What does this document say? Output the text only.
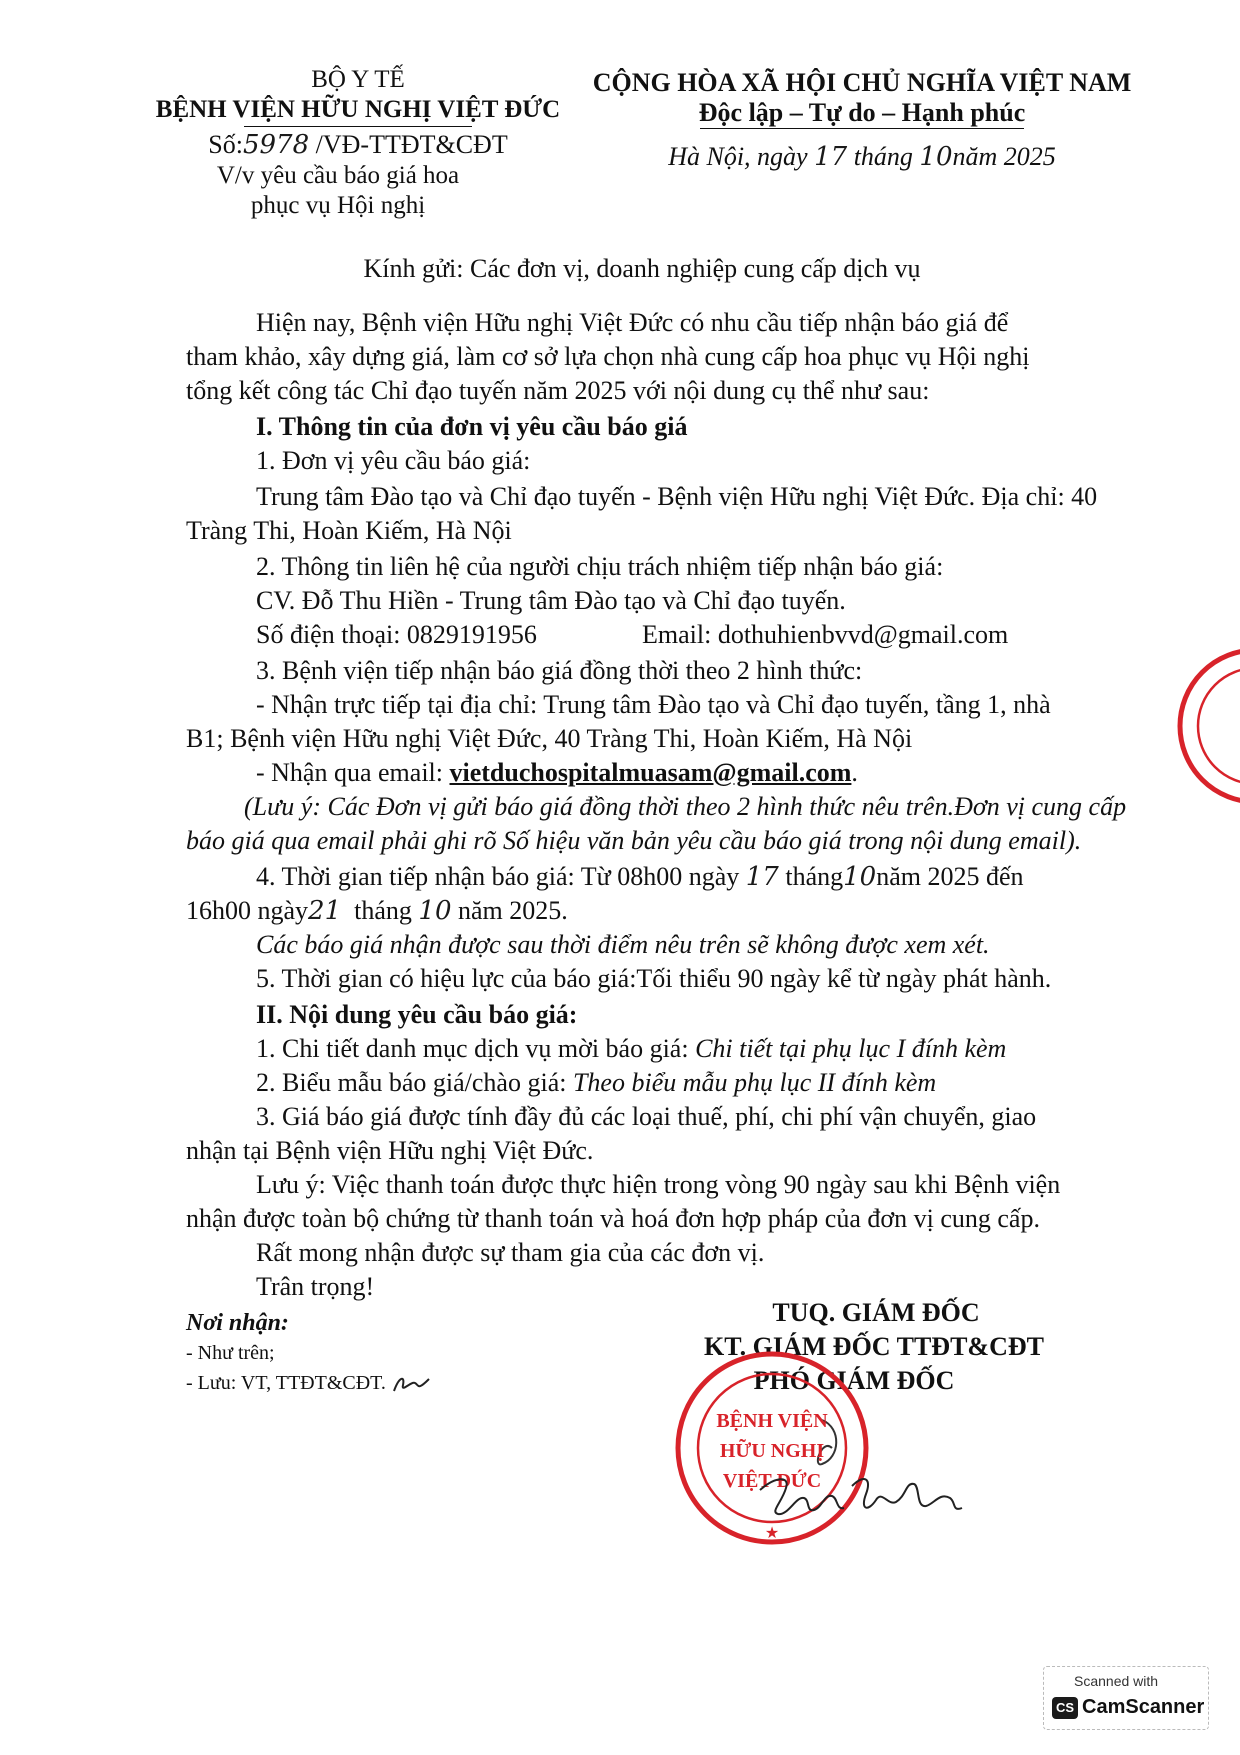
BỘ Y TẾ
BỆNH VIỆN HỮU NGHỊ VIỆT ĐỨC
Số:5978 /VĐ-TTĐT&CĐT
V/v yêu cầu báo giá hoa
phục vụ Hội nghị
CỘNG HÒA XÃ HỘI CHỦ NGHĨA VIỆT NAM
Độc lập – Tự do – Hạnh phúc
Hà Nội, ngày 17 tháng 10năm 2025
Kính gửi: Các đơn vị, doanh nghiệp cung cấp dịch vụ
Hiện nay, Bệnh viện Hữu nghị Việt Đức có nhu cầu tiếp nhận báo giá để
tham khảo, xây dựng giá, làm cơ sở lựa chọn nhà cung cấp hoa phục vụ Hội nghị
tổng kết công tác Chỉ đạo tuyến năm 2025 với nội dung cụ thể như sau:
I. Thông tin của đơn vị yêu cầu báo giá
1. Đơn vị yêu cầu báo giá:
Trung tâm Đào tạo và Chỉ đạo tuyến - Bệnh viện Hữu nghị Việt Đức. Địa chỉ: 40
Tràng Thi, Hoàn Kiếm, Hà Nội
2. Thông tin liên hệ của người chịu trách nhiệm tiếp nhận báo giá:
CV. Đỗ Thu Hiền - Trung tâm Đào tạo và Chỉ đạo tuyến.
Số điện thoại: 0829191956	Email: dothuhienbvvd@gmail.com
3. Bệnh viện tiếp nhận báo giá đồng thời theo 2 hình thức:
- Nhận trực tiếp tại địa chỉ: Trung tâm Đào tạo và Chỉ đạo tuyến, tầng 1, nhà
B1; Bệnh viện Hữu nghị Việt Đức, 40 Tràng Thi, Hoàn Kiếm, Hà Nội
- Nhận qua email: vietduchospitalmuasam@gmail.com.
(Lưu ý: Các Đơn vị gửi báo giá đồng thời theo 2 hình thức nêu trên.Đơn vị cung cấp
báo giá qua email phải ghi rõ Số hiệu văn bản yêu cầu báo giá trong nội dung email).
4. Thời gian tiếp nhận báo giá: Từ 08h00 ngày 17 tháng10năm 2025 đến
16h00 ngày21 tháng 10 năm 2025.
Các báo giá nhận được sau thời điểm nêu trên sẽ không được xem xét.
5. Thời gian có hiệu lực của báo giá:Tối thiểu 90 ngày kể từ ngày phát hành.
II. Nội dung yêu cầu báo giá:
1. Chi tiết danh mục dịch vụ mời báo giá: Chi tiết tại phụ lục I đính kèm
2. Biểu mẫu báo giá/chào giá: Theo biểu mẫu phụ lục II đính kèm
3. Giá báo giá được tính đầy đủ các loại thuế, phí, chi phí vận chuyển, giao
nhận tại Bệnh viện Hữu nghị Việt Đức.
Lưu ý: Việc thanh toán được thực hiện trong vòng 90 ngày sau khi Bệnh viện
nhận được toàn bộ chứng từ thanh toán và hoá đơn hợp pháp của đơn vị cung cấp.
Rất mong nhận được sự tham gia của các đơn vị.
Trân trọng!
Nơi nhận:
- Như trên;
- Lưu: VT, TTĐT&CĐT.
TUQ. GIÁM ĐỐC
KT. GIÁM ĐỐC TTĐT&CĐT
PHÓ GIÁM ĐỐC
★
BỆNH VIỆN
HỮU NGHỊ
VIỆT ĐỨC
Scanned with
CS CamScanner
